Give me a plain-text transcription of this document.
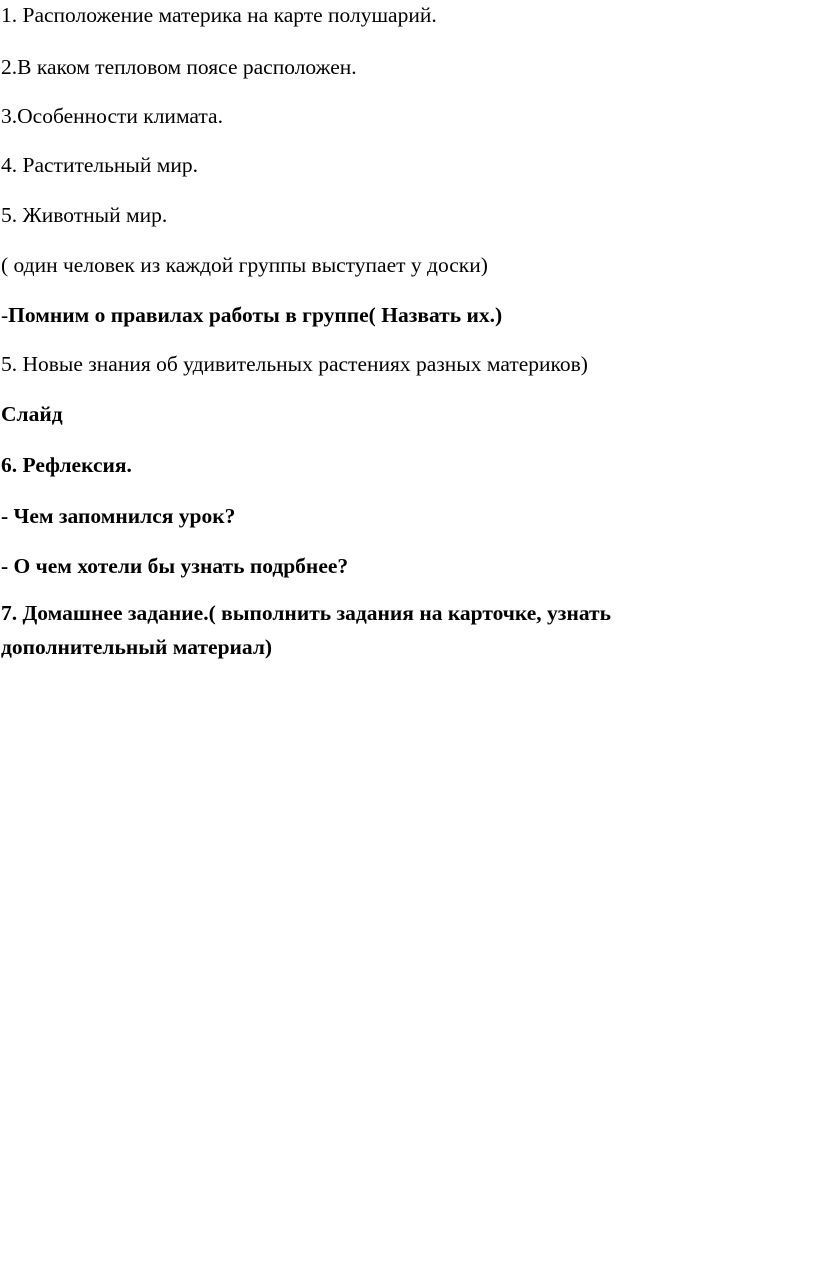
1. Расположение материка на карте полушарий.
2.В каком тепловом поясе расположен.
3.Особенности климата.
4. Растительный мир.
5. Животный мир.
( один человек из каждой группы выступает у доски)
-Помним о правилах работы в группе( Назвать их.)
5. Новые знания об удивительных растениях разных материков)
Слайд
6. Рефлексия.
- Чем запомнился урок?
- О чем хотели бы узнать подрбнее?
7. Домашнее задание.( выполнить задания на карточке, узнать дополнительный материал)
